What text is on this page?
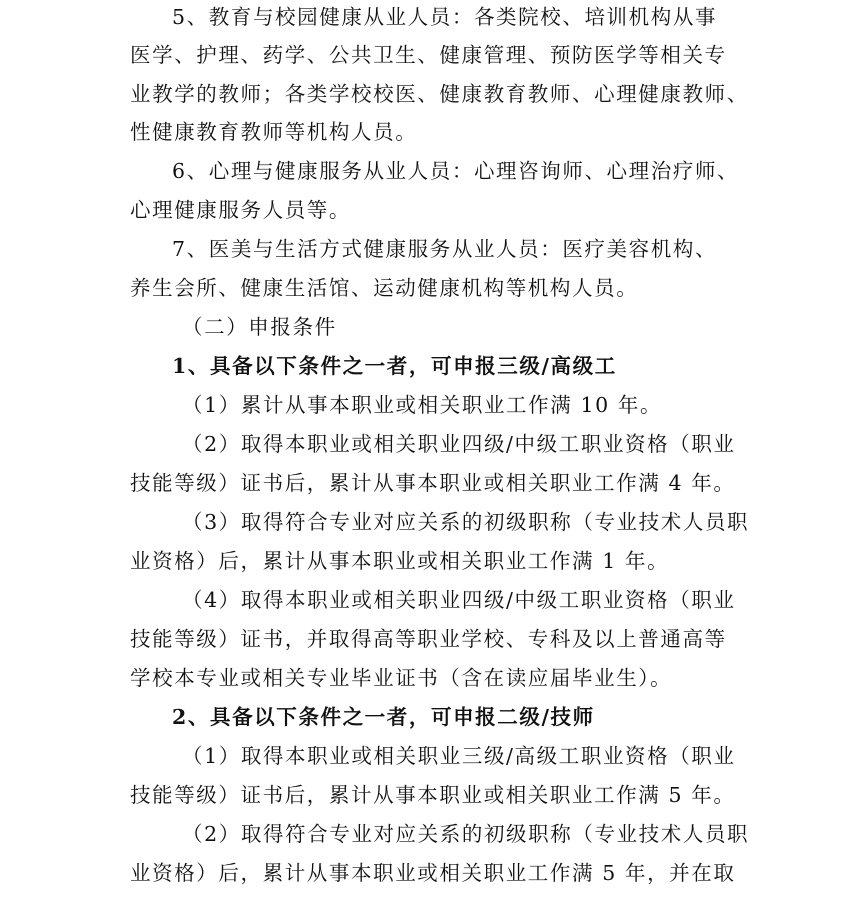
5、教育与校园健康从业人员：各类院校、培训机构从事
医学、护理、药学、公共卫生、健康管理、预防医学等相关专
业教学的教师；各类学校校医、健康教育教师、心理健康教师、
性健康教育教师等机构人员。
6、心理与健康服务从业人员：心理咨询师、心理治疗师、
心理健康服务人员等。
7、医美与生活方式健康服务从业人员：医疗美容机构、
养生会所、健康生活馆、运动健康机构等机构人员。
（二）申报条件
1、具备以下条件之一者，可申报三级/高级工
（1）累计从事本职业或相关职业工作满 10 年。
（2）取得本职业或相关职业四级/中级工职业资格（职业
技能等级）证书后，累计从事本职业或相关职业工作满 4 年。
（3）取得符合专业对应关系的初级职称（专业技术人员职
业资格）后，累计从事本职业或相关职业工作满 1 年。
（4）取得本职业或相关职业四级/中级工职业资格（职业
技能等级）证书，并取得高等职业学校、专科及以上普通高等
学校本专业或相关专业毕业证书（含在读应届毕业生）。
2、具备以下条件之一者，可申报二级/技师
（1）取得本职业或相关职业三级/高级工职业资格（职业
技能等级）证书后，累计从事本职业或相关职业工作满 5 年。
（2）取得符合专业对应关系的初级职称（专业技术人员职
业资格）后，累计从事本职业或相关职业工作满 5 年，并在取
